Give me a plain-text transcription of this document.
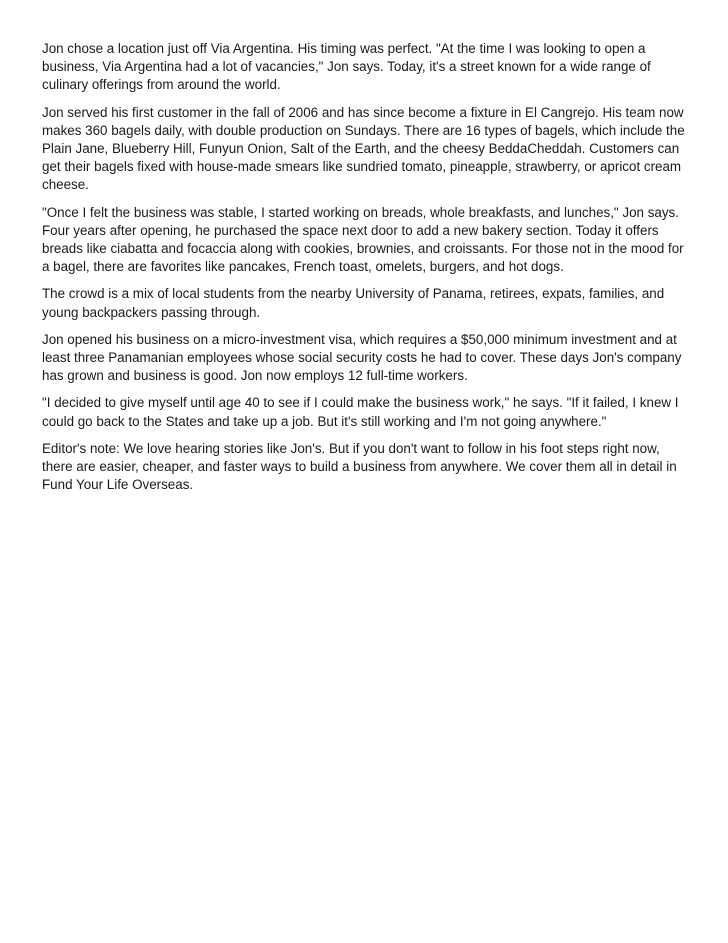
Jon chose a location just off Via Argentina. His timing was perfect. "At the time I was looking to open a business, Via Argentina had a lot of vacancies," Jon says. Today, it's a street known for a wide range of culinary offerings from around the world.

Jon served his first customer in the fall of 2006 and has since become a fixture in El Cangrejo. His team now makes 360 bagels daily, with double production on Sundays. There are 16 types of bagels, which include the Plain Jane, Blueberry Hill, Funyun Onion, Salt of the Earth, and the cheesy BeddaCheddah. Customers can get their bagels fixed with house-made smears like sundried tomato, pineapple, strawberry, or apricot cream cheese.

"Once I felt the business was stable, I started working on breads, whole breakfasts, and lunches," Jon says. Four years after opening, he purchased the space next door to add a new bakery section. Today it offers breads like ciabatta and focaccia along with cookies, brownies, and croissants. For those not in the mood for a bagel, there are favorites like pancakes, French toast, omelets, burgers, and hot dogs.

The crowd is a mix of local students from the nearby University of Panama, retirees, expats, families, and young backpackers passing through.

Jon opened his business on a micro-investment visa, which requires a $50,000 minimum investment and at least three Panamanian employees whose social security costs he had to cover. These days Jon's company has grown and business is good. Jon now employs 12 full-time workers.

"I decided to give myself until age 40 to see if I could make the business work," he says. "If it failed, I knew I could go back to the States and take up a job. But it's still working and I'm not going anywhere."

Editor's note: We love hearing stories like Jon's. But if you don't want to follow in his foot steps right now, there are easier, cheaper, and faster ways to build a business from anywhere. We cover them all in detail in Fund Your Life Overseas.
